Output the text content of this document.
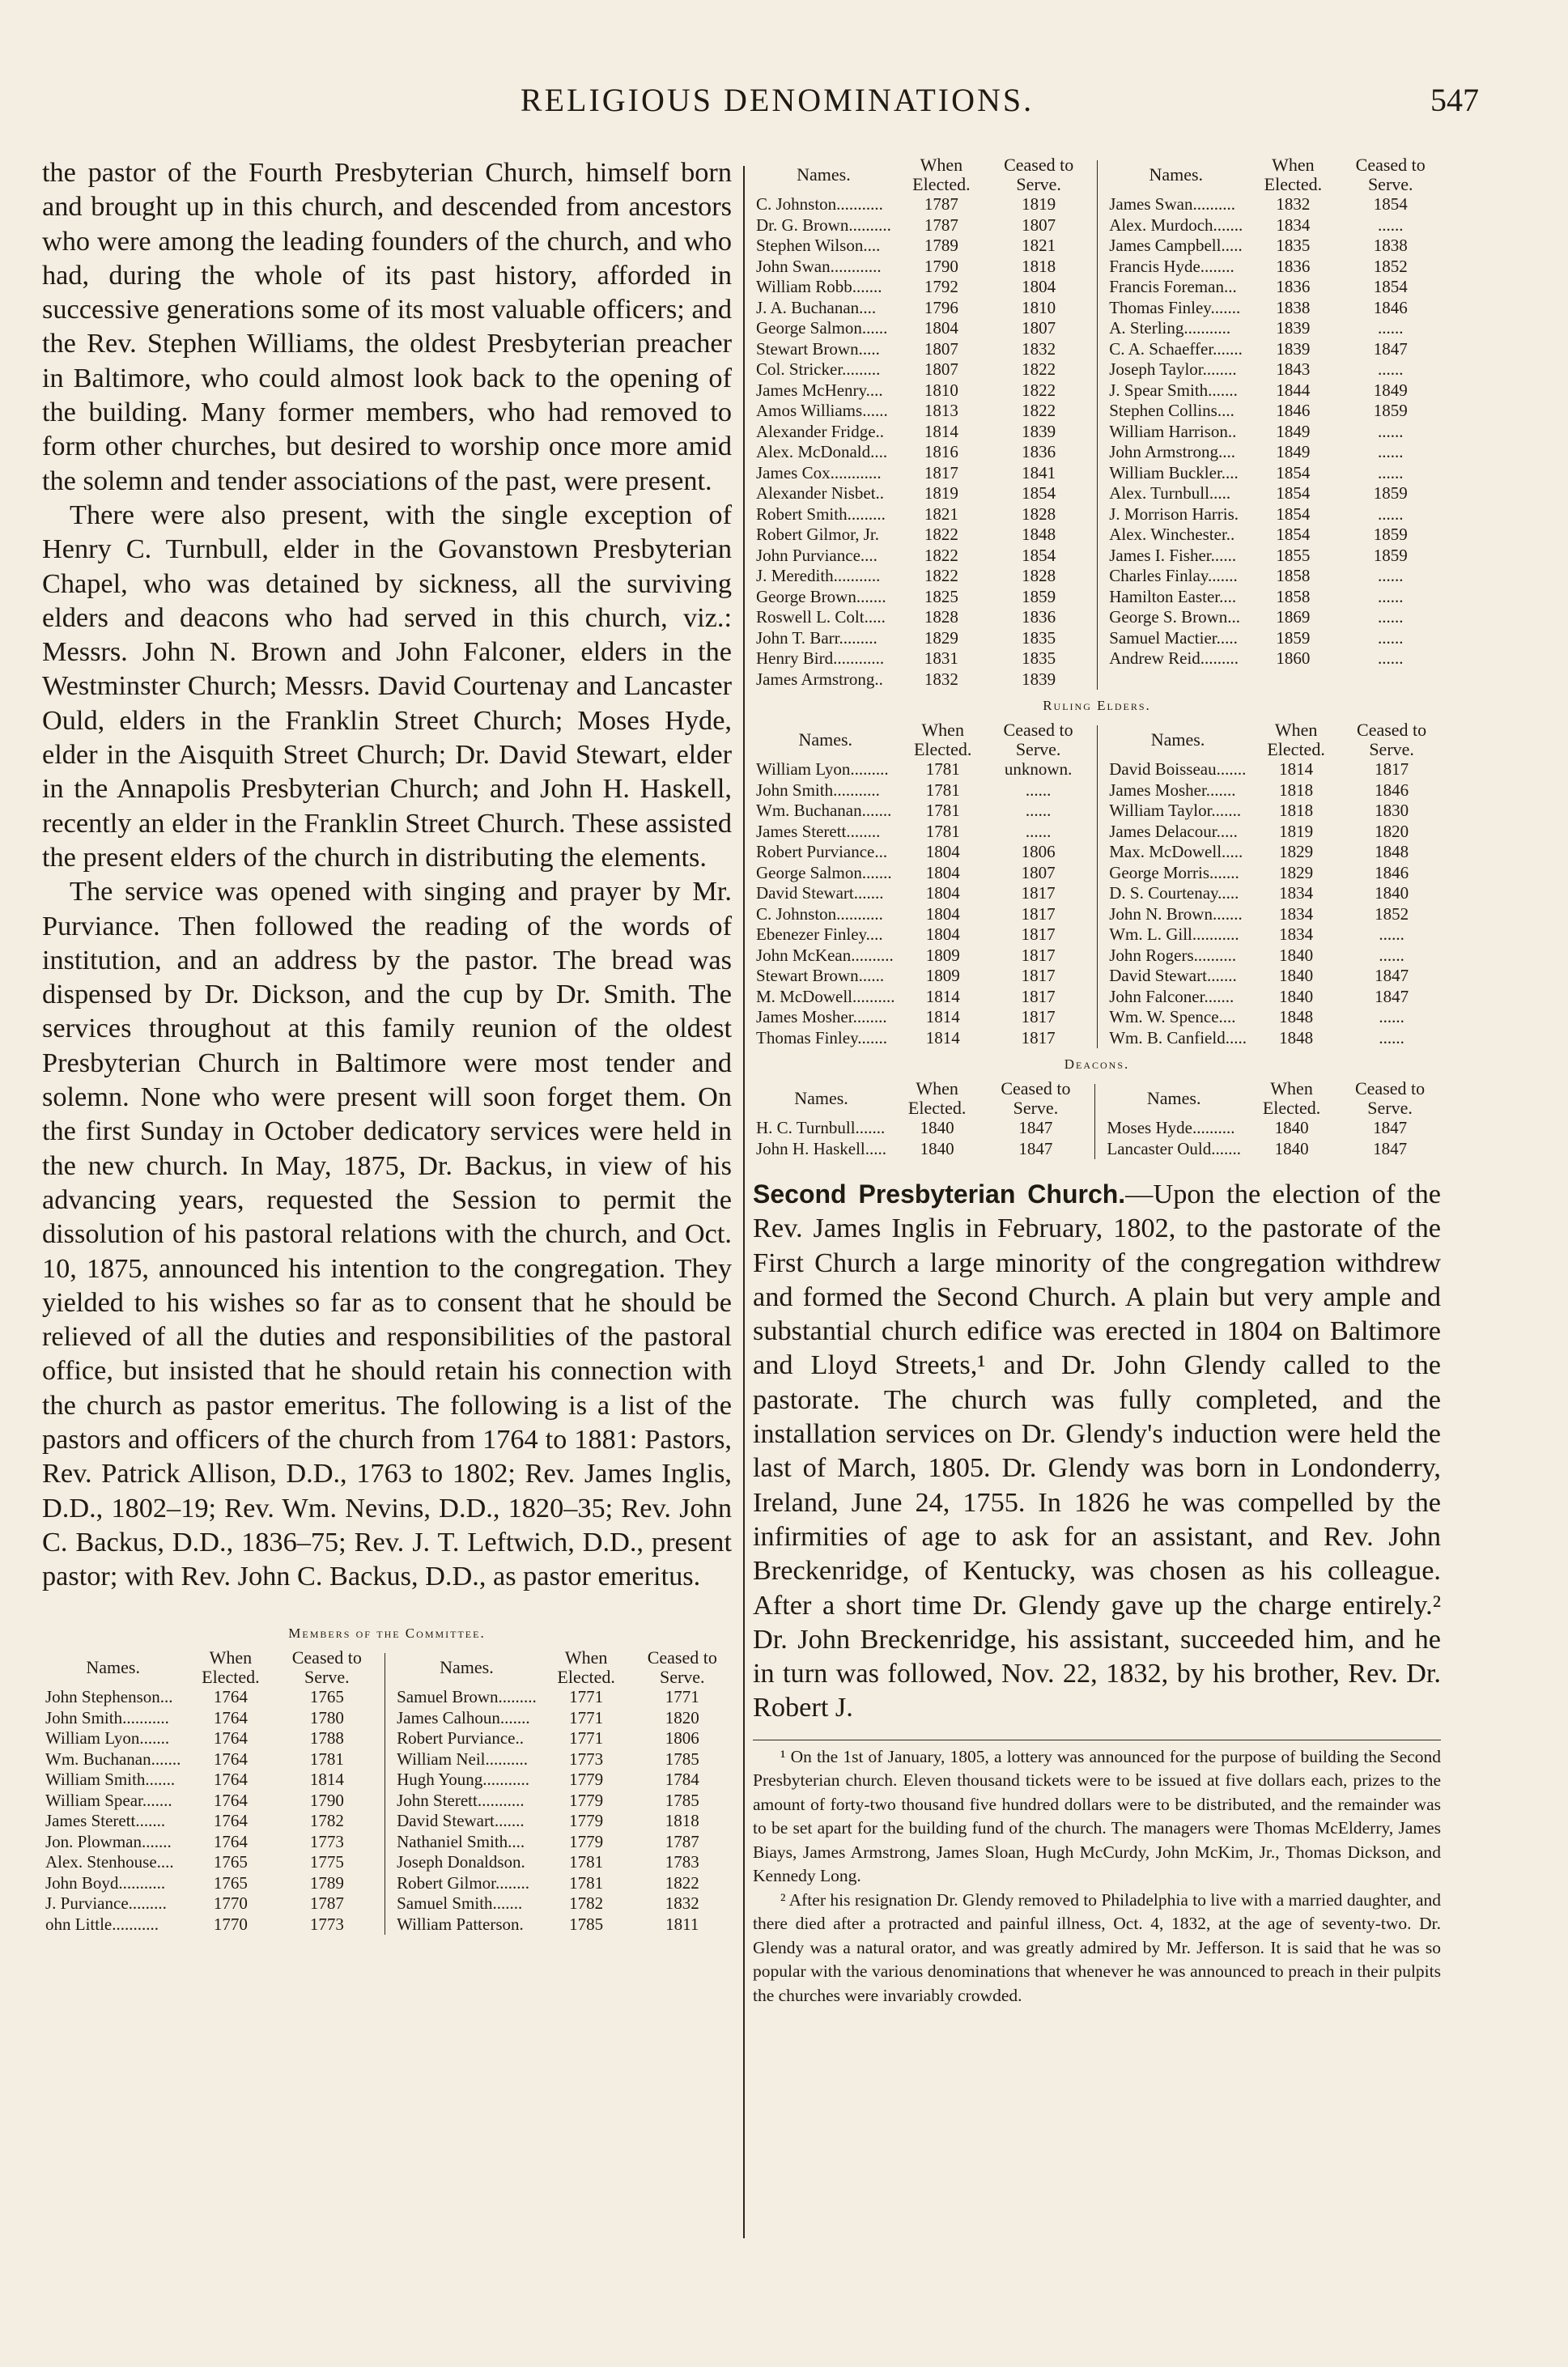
RELIGIOUS DENOMINATIONS.	547

the pastor of the Fourth Presbyterian Church, himself born and brought up in this church, and descended from ancestors who were among the leading founders of the church, and who had, during the whole of its past history, afforded in successive generations some of its most valuable officers; and the Rev. Stephen Williams, the oldest Presbyterian preacher in Baltimore, who could almost look back to the opening of the building. Many former members, who had removed to form other churches, but desired to worship once more amid the solemn and tender associations of the past, were present.

There were also present, with the single exception of Henry C. Turnbull, elder in the Govanstown Presbyterian Chapel, who was detained by sickness, all the surviving elders and deacons who had served in this church, viz.: Messrs. John N. Brown and John Falconer, elders in the Westminster Church; Messrs. David Courtenay and Lancaster Ould, elders in the Franklin Street Church; Moses Hyde, elder in the Aisquith Street Church; Dr. David Stewart, elder in the Annapolis Presbyterian Church; and John H. Haskell, recently an elder in the Franklin Street Church. These assisted the present elders of the church in distributing the elements.

The service was opened with singing and prayer by Mr. Purviance. Then followed the reading of the words of institution, and an address by the pastor. The bread was dispensed by Dr. Dickson, and the cup by Dr. Smith. The services throughout at this family reunion of the oldest Presbyterian Church in Baltimore were most tender and solemn. None who were present will soon forget them. On the first Sunday in October dedicatory services were held in the new church. In May, 1875, Dr. Backus, in view of his advancing years, requested the Session to permit the dissolution of his pastoral relations with the church, and Oct. 10, 1875, announced his intention to the congregation. They yielded to his wishes so far as to consent that he should be relieved of all the duties and responsibilities of the pastoral office, but insisted that he should retain his connection with the church as pastor emeritus. The following is a list of the pastors and officers of the church from 1764 to 1881: Pastors, Rev. Patrick Allison, D.D., 1763 to 1802; Rev. James Inglis, D.D., 1802–19; Rev. Wm. Nevins, D.D., 1820–35; Rev. John C. Backus, D.D., 1836–75; Rev. J. T. Leftwich, D.D., present pastor; with Rev. John C. Backus, D.D., as pastor emeritus.

Members of the Committee.
Names.	When Elected.	Ceased to Serve.
John Stephenson...	1764	1765
John Smith...........	1764	1780
William Lyon.......	1764	1788
Wm. Buchanan.......	1764	1781
William Smith.......	1764	1814
William Spear.......	1764	1790
James Sterett.......	1764	1782
Jon. Plowman.......	1764	1773
Alex. Stenhouse....	1765	1775
John Boyd...........	1765	1789
J. Purviance.........	1770	1787
ohn Little...........	1770	1773
Names.	When Elected.	Ceased to Serve.
Samuel Brown.........	1771	1771
James Calhoun.......	1771	1820
Robert Purviance..	1771	1806
William Neil..........	1773	1785
Hugh Young...........	1779	1784
John Sterett...........	1779	1785
David Stewart.......	1779	1818
Nathaniel Smith....	1779	1787
Joseph Donaldson.	1781	1783
Robert Gilmor........	1781	1822
Samuel Smith.......	1782	1832
William Patterson.	1785	1811
Names.	When Elected.	Ceased to Serve.
C. Johnston...........	1787	1819
Dr. G. Brown..........	1787	1807
Stephen Wilson....	1789	1821
John Swan............	1790	1818
William Robb.......	1792	1804
J. A. Buchanan....	1796	1810
George Salmon......	1804	1807
Stewart Brown.....	1807	1832
Col. Stricker.........	1807	1822
James McHenry....	1810	1822
Amos Williams......	1813	1822
Alexander Fridge..	1814	1839
Alex. McDonald....	1816	1836
James Cox............	1817	1841
Alexander Nisbet..	1819	1854
Robert Smith.........	1821	1828
Robert Gilmor, Jr.	1822	1848
John Purviance....	1822	1854
J. Meredith...........	1822	1828
George Brown.......	1825	1859
Roswell L. Colt.....	1828	1836
John T. Barr.........	1829	1835
Henry Bird............	1831	1835
James Armstrong..	1832	1839
Names.	When Elected.	Ceased to Serve.
James Swan..........	1832	1854
Alex. Murdoch.......	1834	......
James Campbell.....	1835	1838
Francis Hyde........	1836	1852
Francis Foreman...	1836	1854
Thomas Finley.......	1838	1846
A. Sterling...........	1839	......
C. A. Schaeffer.......	1839	1847
Joseph Taylor........	1843	......
J. Spear Smith.......	1844	1849
Stephen Collins....	1846	1859
William Harrison..	1849	......
John Armstrong....	1849	......
William Buckler....	1854	......
Alex. Turnbull.....	1854	1859
J. Morrison Harris.	1854	......
Alex. Winchester..	1854	1859
James I. Fisher......	1855	1859
Charles Finlay.......	1858	......
Hamilton Easter....	1858	......
George S. Brown...	1869	......
Samuel Mactier.....	1859	......
Andrew Reid.........	1860	......
Ruling Elders.
Names.	When Elected.	Ceased to Serve.
William Lyon.........	1781	unknown.
John Smith...........	1781	......
Wm. Buchanan.......	1781	......
James Sterett........	1781	......
Robert Purviance...	1804	1806
George Salmon.......	1804	1807
David Stewart.......	1804	1817
C. Johnston...........	1804	1817
Ebenezer Finley....	1804	1817
John McKean..........	1809	1817
Stewart Brown......	1809	1817
M. McDowell..........	1814	1817
James Mosher........	1814	1817
Thomas Finley.......	1814	1817
Names.	When Elected.	Ceased to Serve.
David Boisseau.......	1814	1817
James Mosher.......	1818	1846
William Taylor.......	1818	1830
James Delacour.....	1819	1820
Max. McDowell.....	1829	1848
George Morris.......	1829	1846
D. S. Courtenay.....	1834	1840
John N. Brown.......	1834	1852
Wm. L. Gill...........	1834	......
John Rogers..........	1840	......
David Stewart.......	1840	1847
John Falconer.......	1840	1847
Wm. W. Spence....	1848	......
Wm. B. Canfield.....	1848	......
Deacons.
Names.	When Elected.	Ceased to Serve.
H. C. Turnbull.......	1840	1847
John H. Haskell.....	1840	1847
Names.	When Elected.	Ceased to Serve.
Moses Hyde..........	1840	1847
Lancaster Ould.......	1840	1847

Second Presbyterian Church.—Upon the election of the Rev. James Inglis in February, 1802, to the pastorate of the First Church a large minority of the congregation withdrew and formed the Second Church. A plain but very ample and substantial church edifice was erected in 1804 on Baltimore and Lloyd Streets,¹ and Dr. John Glendy called to the pastorate. The church was fully completed, and the installation services on Dr. Glendy's induction were held the last of March, 1805. Dr. Glendy was born in Londonderry, Ireland, June 24, 1755. In 1826 he was compelled by the infirmities of age to ask for an assistant, and Rev. John Breckenridge, of Kentucky, was chosen as his colleague. After a short time Dr. Glendy gave up the charge entirely.² Dr. John Breckenridge, his assistant, succeeded him, and he in turn was followed, Nov. 22, 1832, by his brother, Rev. Dr. Robert J.

¹ On the 1st of January, 1805, a lottery was announced for the purpose of building the Second Presbyterian church. Eleven thousand tickets were to be issued at five dollars each, prizes to the amount of forty-two thousand five hundred dollars were to be distributed, and the remainder was to be set apart for the building fund of the church. The managers were Thomas McElderry, James Biays, James Armstrong, James Sloan, Hugh McCurdy, John McKim, Jr., Thomas Dickson, and Kennedy Long.

² After his resignation Dr. Glendy removed to Philadelphia to live with a married daughter, and there died after a protracted and painful illness, Oct. 4, 1832, at the age of seventy-two. Dr. Glendy was a natural orator, and was greatly admired by Mr. Jefferson. It is said that he was so popular with the various denominations that whenever he was announced to preach in their pulpits the churches were invariably crowded.
